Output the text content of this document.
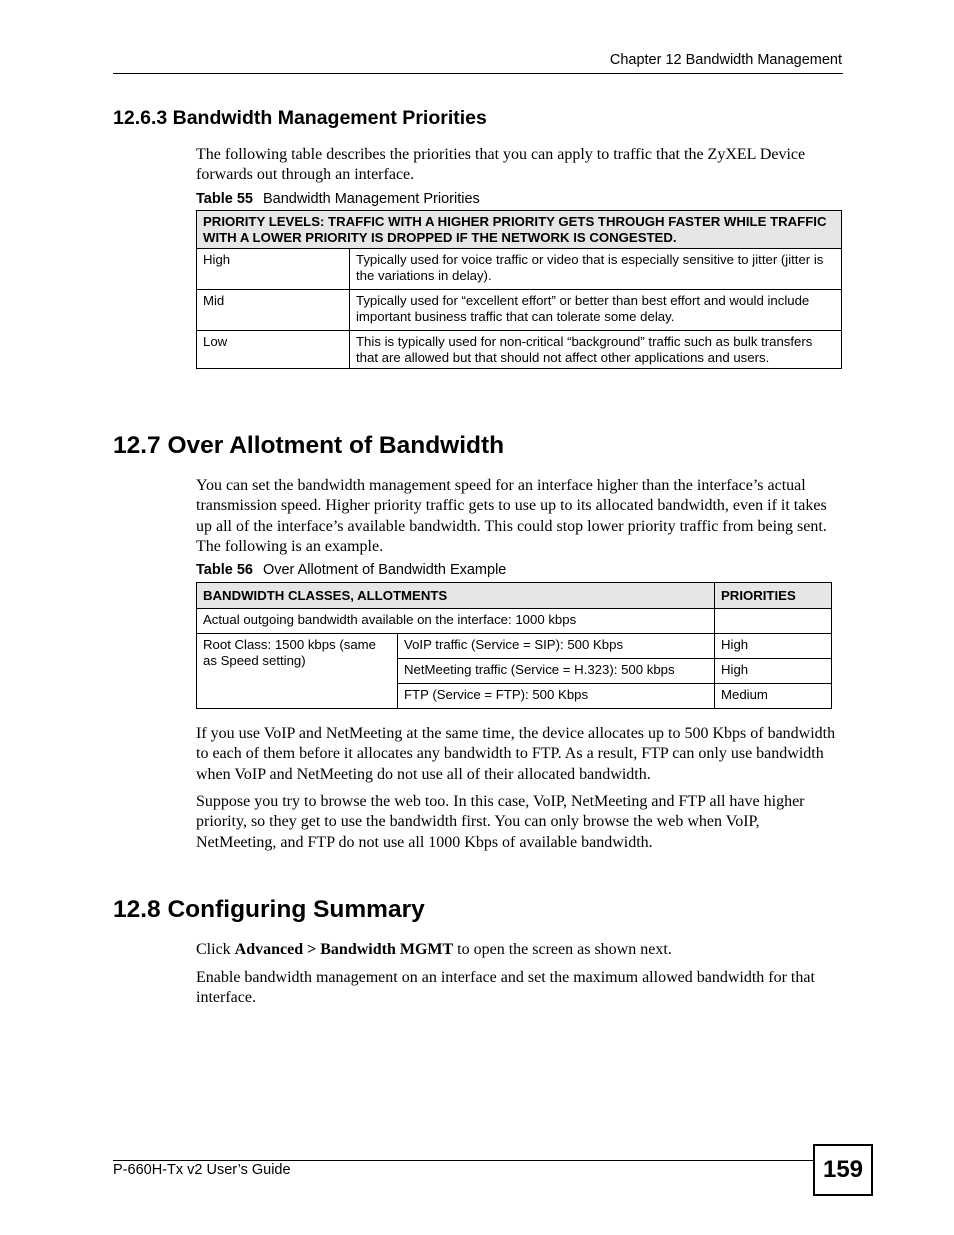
Chapter 12 Bandwidth Management
12.6.3 Bandwidth Management Priorities

The following table describes the priorities that you can apply to traffic that the ZyXEL Device forwards out through an interface.

Table 55 Bandwidth Management Priorities
PRIORITY LEVELS: TRAFFIC WITH A HIGHER PRIORITY GETS THROUGH FASTER WHILE TRAFFIC WITH A LOWER PRIORITY IS DROPPED IF THE NETWORK IS CONGESTED.	
High	Typically used for voice traffic or video that is especially sensitive to jitter (jitter is the variations in delay).
Mid	Typically used for “excellent effort” or better than best effort and would include important business traffic that can tolerate some delay.
Low	This is typically used for non-critical “background” traffic such as bulk transfers that are allowed but that should not affect other applications and users.
12.7 Over Allotment of Bandwidth

You can set the bandwidth management speed for an interface higher than the interface’s actual transmission speed. Higher priority traffic gets to use up to its allocated bandwidth, even if it takes up all of the interface’s available bandwidth. This could stop lower priority traffic from being sent. The following is an example.

Table 56 Over Allotment of Bandwidth Example
BANDWIDTH CLASSES, ALLOTMENTS		PRIORITIES
Actual outgoing bandwidth available on the interface: 1000 kbps		
Root Class: 1500 kbps (same as Speed setting)	VoIP traffic (Service = SIP): 500 Kbps	High
	NetMeeting traffic (Service = H.323): 500 kbps	High
	FTP (Service = FTP): 500 Kbps	Medium

If you use VoIP and NetMeeting at the same time, the device allocates up to 500 Kbps of bandwidth to each of them before it allocates any bandwidth to FTP. As a result, FTP can only use bandwidth when VoIP and NetMeeting do not use all of their allocated bandwidth.

Suppose you try to browse the web too. In this case, VoIP, NetMeeting and FTP all have higher priority, so they get to use the bandwidth first. You can only browse the web when VoIP, NetMeeting, and FTP do not use all 1000 Kbps of available bandwidth.

12.8 Configuring Summary

Click Advanced > Bandwidth MGMT to open the screen as shown next.

Enable bandwidth management on an interface and set the maximum allowed bandwidth for that interface.

P-660H-Tx v2 User’s Guide	159
